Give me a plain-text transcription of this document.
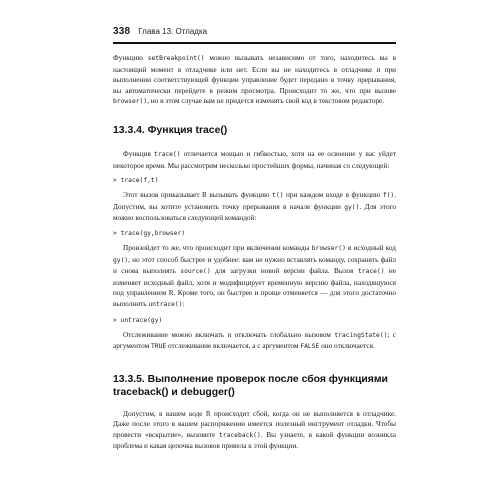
338 Глава 13. Отладка

Функцию setBreakpoint() можно вызывать независимо от того, находитесь вы в настоящий момент в отладчике или нет. Если вы не находитесь в отладчике и при выполнении соответствующей функции управление будет передано в точку прерывания, вы автоматически перейдете в режим просмотра. Происходит то же, что при вызове browser(), но в этом случае вам не придется изменять свой код в текстовом редакторе.

13.3.4. Функция trace()

Функция trace() отличается мощью и гибкостью, хотя на ее освоение у вас уйдет некоторое время. Мы рассмотрим несколько простейших формы, начиная со следующей:

> trace(f,t)

Этот вызов приказывает R вызывать функцию t() при каждом входе в функцию f(). Допустим, вы хотите установить точку прерывания в начале функции gy(). Для этого можно воспользоваться следующей командой:

> trace(gy,browser)

Произойдет то же, что происходит при включении команды browser() в исходный код gy(), но этот способ быстрее и удобнее: вам не нужно вставлять команду, сохранять файл и снова выполнять source() для загрузки новой версии файла. Вызов trace() не изменяет исходный файл, хотя и модифицирует временную версию файла, находящуюся под управлением R. Кроме того, он быстрее и проще отменяется — для этого достаточно выполнить untrace():

> untrace(gy)

Отслеживание можно включать и отключать глобально вызовом tracingState(); с аргументом TRUE отслеживание включается, а с аргументом FALSE оно отключается.

13.3.5. Выполнение проверок после сбоя функциями traceback() и debugger()

Допустим, в вашем коде R происходит сбой, когда он не выполняется в отладчике. Даже после этого в вашем распоряжении имеется полезный инструмент отладки. Чтобы провести «вскрытие», вызовите traceback(). Вы узнаете, в какой функции возникла проблема и какая цепочка вызовов привела к этой функции.
